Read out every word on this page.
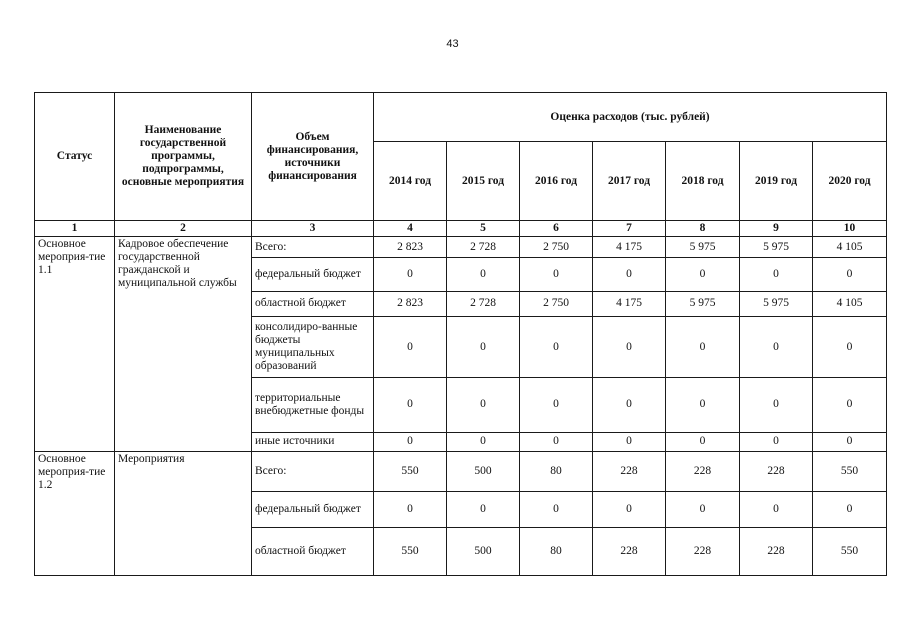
43
Статус	Наименование государственной программы, подпрограммы, основные мероприятия	Объем финансирования, источники финансирования	Оценка расходов (тыс. рублей)						
			2014 год	2015 год	2016 год	2017 год	2018 год	2019 год	2020 год
1	2	3	4	5	6	7	8	9	10
Основное мероприя-тие 1.1	Кадровое обеспечение государственной гражданской и муниципальной службы	Всего:	2 823	2 728	2 750	4 175	5 975	5 975	4 105
		федеральный бюджет	0	0	0	0	0	0	0
		областной бюджет	2 823	2 728	2 750	4 175	5 975	5 975	4 105
		консолидиро-ванные бюджеты муниципальных образований	0	0	0	0	0	0	0
		территориальные внебюджетные фонды	0	0	0	0	0	0	0
		иные источники	0	0	0	0	0	0	0
Основное мероприя-тие 1.2	Мероприятия	Всего:	550	500	80	228	228	228	550
		федеральный бюджет	0	0	0	0	0	0	0
		областной бюджет	550	500	80	228	228	228	550
